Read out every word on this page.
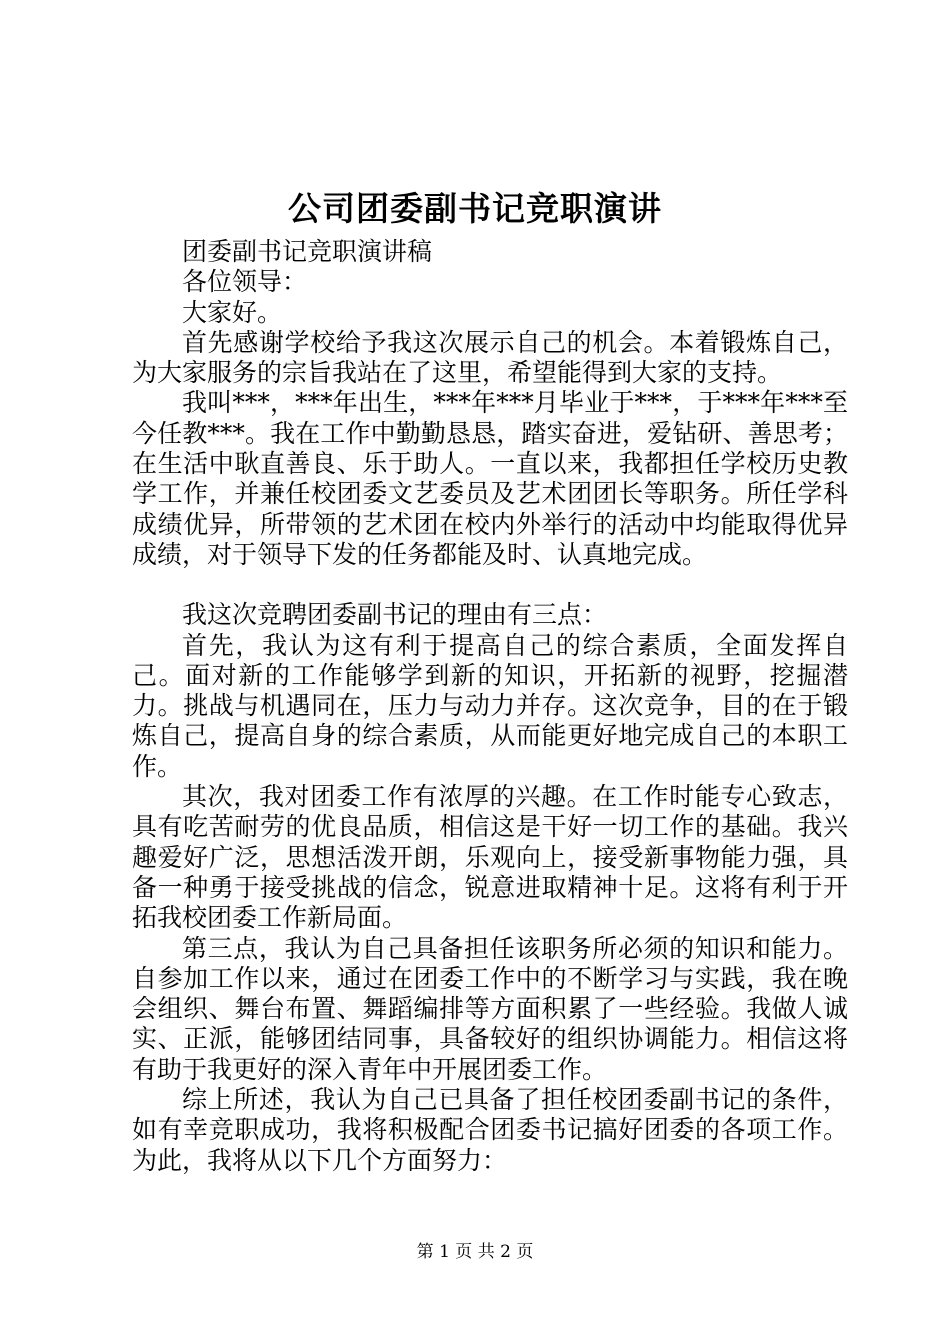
公司团委副书记竞职演讲

团委副书记竞职演讲稿

各位领导：

大家好。

首先感谢学校给予我这次展示自己的机会。本着锻炼自己，为大家服务的宗旨我站在了这里，希望能得到大家的支持。

我叫***，***年出生，***年***月毕业于***，于***年***至今任教***。我在工作中勤勤恳恳，踏实奋进，爱钻研、善思考；在生活中耿直善良、乐于助人。一直以来，我都担任学校历史教学工作，并兼任校团委文艺委员及艺术团团长等职务。所任学科成绩优异，所带领的艺术团在校内外举行的活动中均能取得优异成绩，对于领导下发的任务都能及时、认真地完成。

我这次竞聘团委副书记的理由有三点：

首先，我认为这有利于提高自己的综合素质，全面发挥自己。面对新的工作能够学到新的知识，开拓新的视野，挖掘潜力。挑战与机遇同在，压力与动力并存。这次竞争，目的在于锻炼自己，提高自身的综合素质，从而能更好地完成自己的本职工作。

其次，我对团委工作有浓厚的兴趣。在工作时能专心致志，具有吃苦耐劳的优良品质，相信这是干好一切工作的基础。我兴趣爱好广泛，思想活泼开朗，乐观向上，接受新事物能力强，具备一种勇于接受挑战的信念，锐意进取精神十足。这将有利于开拓我校团委工作新局面。

第三点，我认为自己具备担任该职务所必须的知识和能力。自参加工作以来，通过在团委工作中的不断学习与实践，我在晚会组织、舞台布置、舞蹈编排等方面积累了一些经验。我做人诚实、正派，能够团结同事，具备较好的组织协调能力。相信这将有助于我更好的深入青年中开展团委工作。

综上所述，我认为自己已具备了担任校团委副书记的条件，如有幸竞职成功，我将积极配合团委书记搞好团委的各项工作。为此，我将从以下几个方面努力：

第 1 页 共 2 页
